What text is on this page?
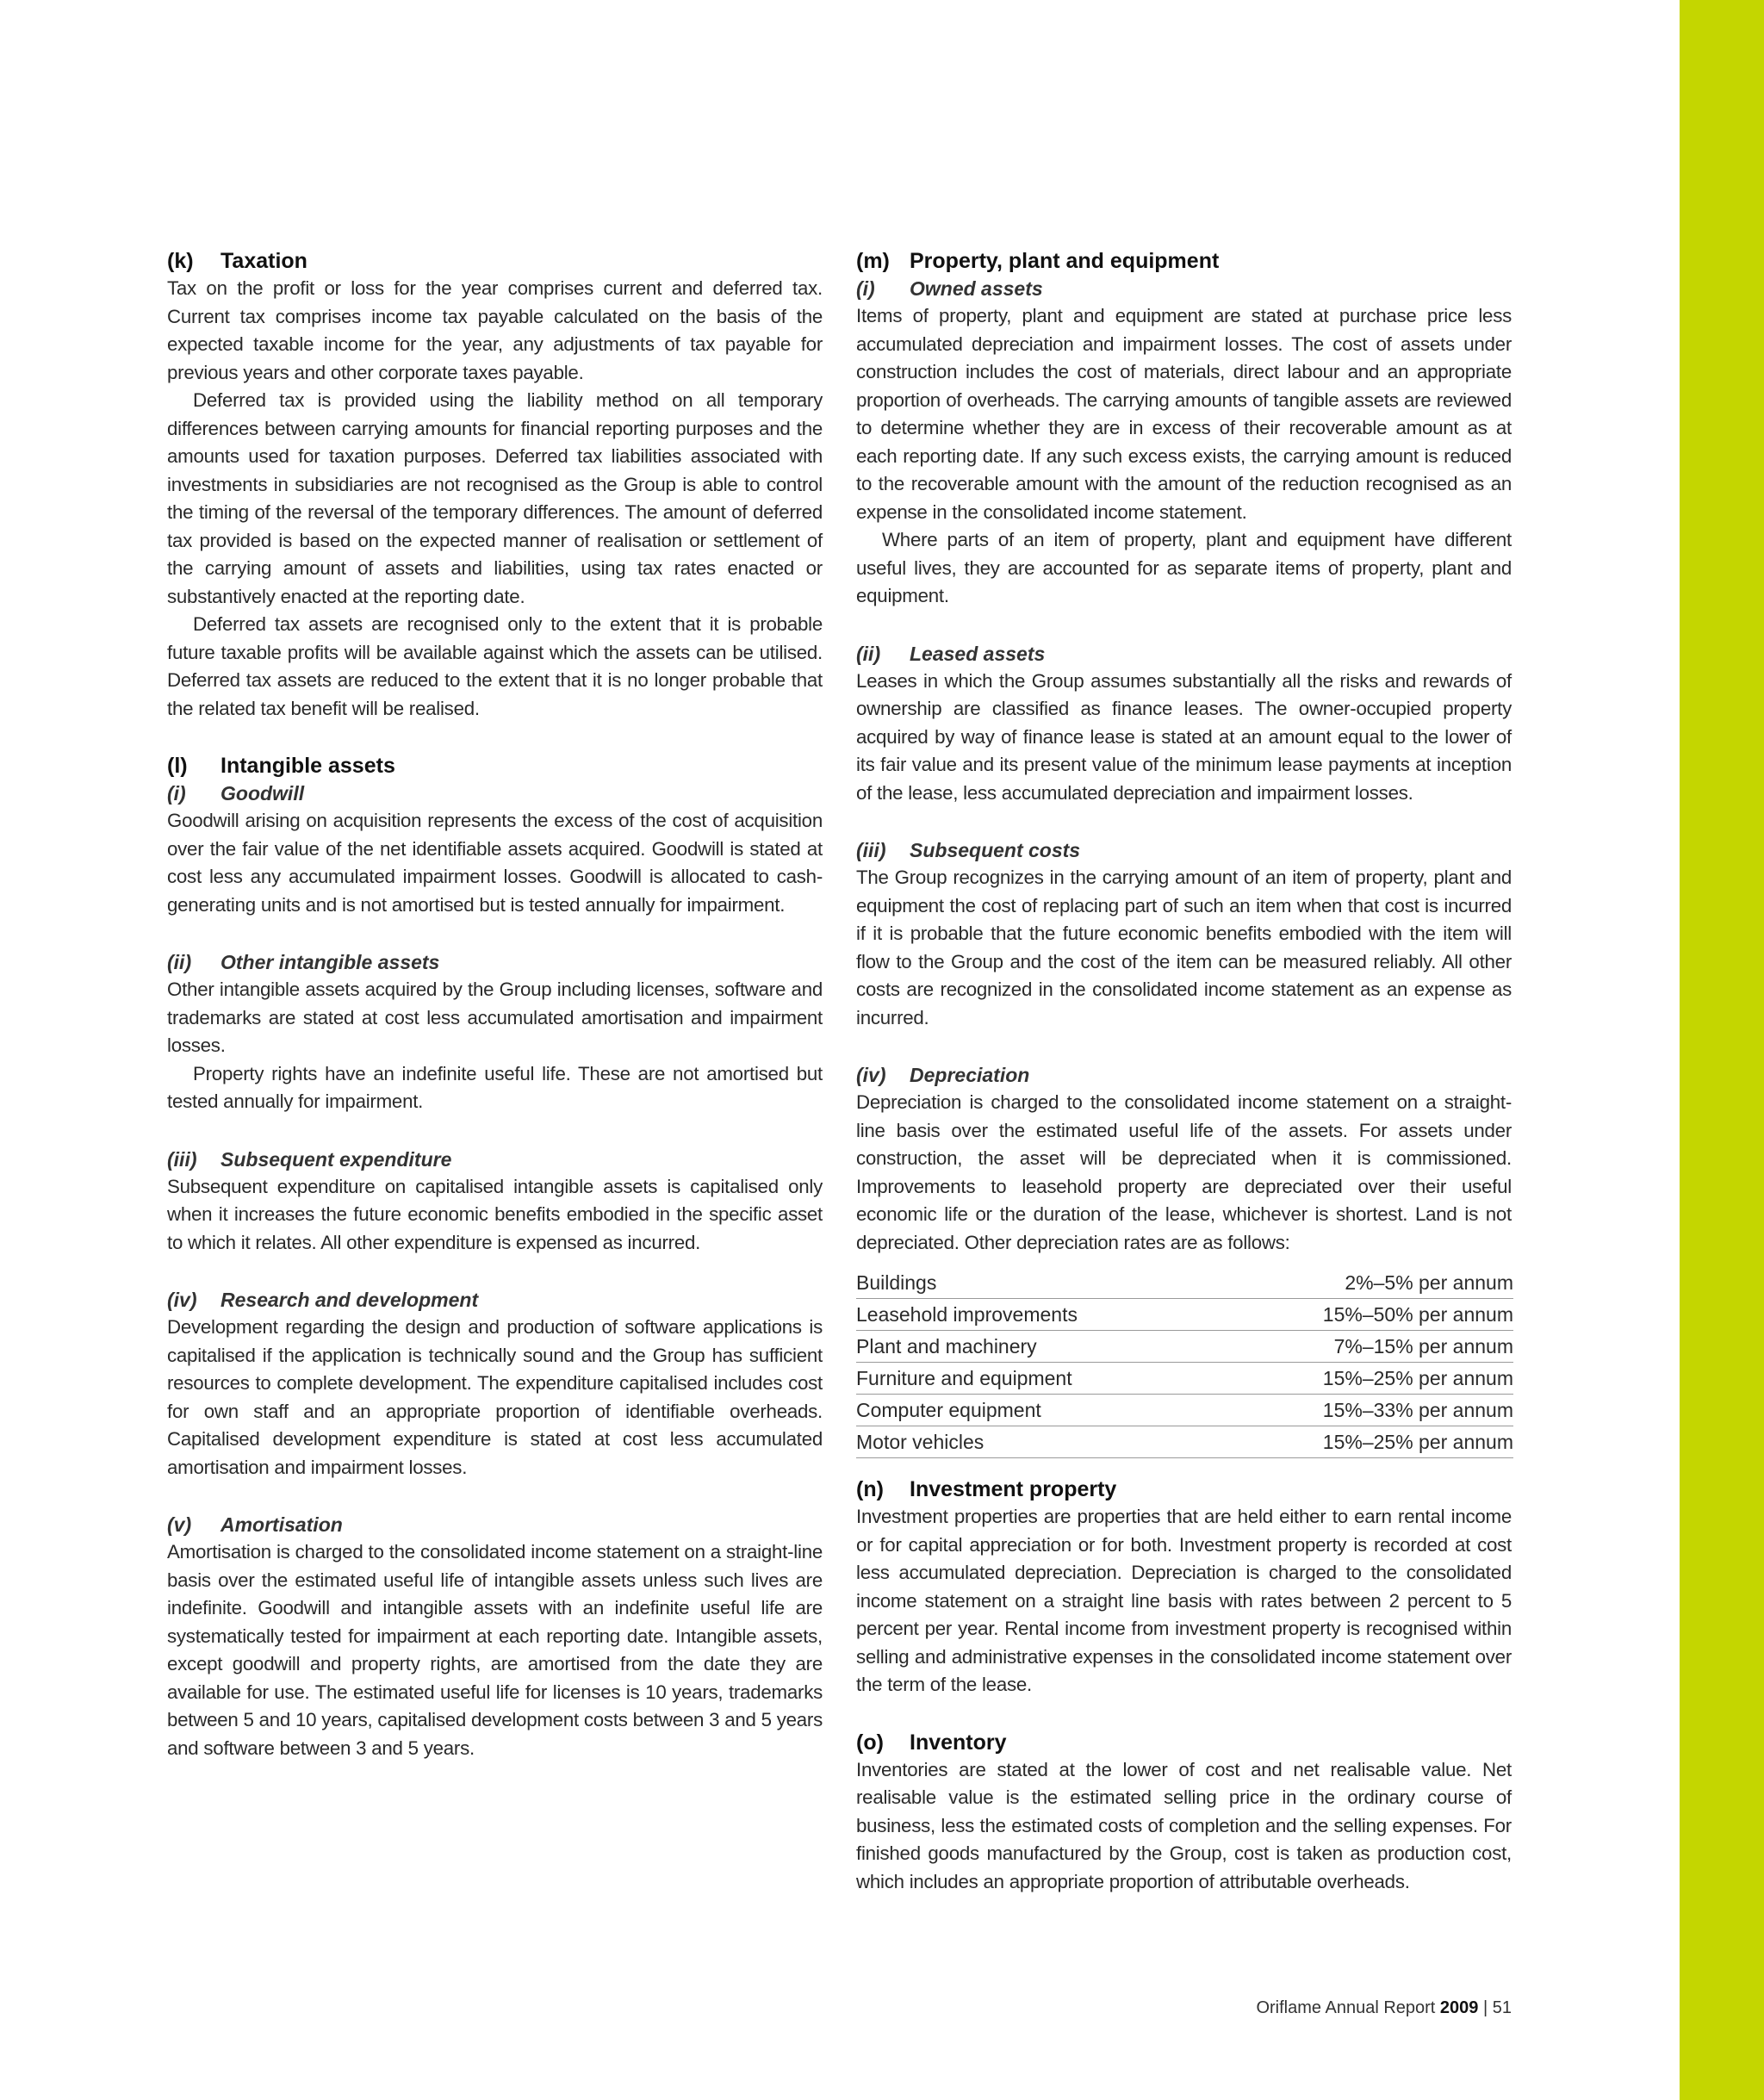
(k)	Taxation

Tax on the profit or loss for the year comprises current and deferred tax. Current tax comprises income tax payable calculated on the basis of the expected taxable income for the year, any adjustments of tax payable for previous years and other corporate taxes payable.

Deferred tax is provided using the liability method on all temporary differences between carrying amounts for financial reporting purposes and the amounts used for taxation purposes. Deferred tax liabilities associated with investments in subsidiaries are not recognised as the Group is able to control the timing of the reversal of the temporary differences. The amount of deferred tax provided is based on the expected manner of realisation or settlement of the carrying amount of assets and liabilities, using tax rates enacted or substantively enacted at the reporting date.

Deferred tax assets are recognised only to the extent that it is probable future taxable profits will be available against which the assets can be utilised. Deferred tax assets are reduced to the extent that it is no longer probable that the related tax benefit will be realised.

(l)	Intangible assets
(i)	Goodwill

Goodwill arising on acquisition represents the excess of the cost of acquisition over the fair value of the net identifiable assets acquired. Goodwill is stated at cost less any accumulated impairment losses. Goodwill is allocated to cash-generating units and is not amortised but is tested annually for impairment.

(ii)	Other intangible assets

Other intangible assets acquired by the Group including licenses, software and trademarks are stated at cost less accumulated amortisation and impairment losses.

Property rights have an indefinite useful life. These are not amortised but tested annually for impairment.

(iii)	Subsequent expenditure

Subsequent expenditure on capitalised intangible assets is capitalised only when it increases the future economic benefits embodied in the specific asset to which it relates. All other expenditure is expensed as incurred.

(iv)	Research and development

Development regarding the design and production of software applications is capitalised if the application is technically sound and the Group has sufficient resources to complete development. The expenditure capitalised includes cost for own staff and an appropriate proportion of identifiable overheads. Capitalised development expenditure is stated at cost less accumulated amortisation and impairment losses.

(v)	Amortisation

Amortisation is charged to the consolidated income statement on a straight-line basis over the estimated useful life of intangible assets unless such lives are indefinite. Goodwill and intangible assets with an indefinite useful life are systematically tested for impairment at each reporting date. Intangible assets, except goodwill and property rights, are amortised from the date they are available for use. The estimated useful life for licenses is 10 years, trademarks between 5 and 10 years, capitalised development costs between 3 and 5 years and software between 3 and 5 years.

(m) Property, plant and equipment
(i)	Owned assets

Items of property, plant and equipment are stated at purchase price less accumulated depreciation and impairment losses. The cost of assets under construction includes the cost of materials, direct labour and an appropriate proportion of overheads. The carrying amounts of tangible assets are reviewed to determine whether they are in excess of their recoverable amount as at each reporting date. If any such excess exists, the carrying amount is reduced to the recoverable amount with the amount of the reduction recognised as an expense in the consolidated income statement.

Where parts of an item of property, plant and equipment have different useful lives, they are accounted for as separate items of property, plant and equipment.

(ii)	Leased assets

Leases in which the Group assumes substantially all the risks and rewards of ownership are classified as finance leases. The owner-occupied property acquired by way of finance lease is stated at an amount equal to the lower of its fair value and its present value of the minimum lease payments at inception of the lease, less accumulated depreciation and impairment losses.

(iii)	Subsequent costs

The Group recognizes in the carrying amount of an item of property, plant and equipment the cost of replacing part of such an item when that cost is incurred if it is probable that the future economic benefits embodied with the item will flow to the Group and the cost of the item can be measured reliably. All other costs are recognized in the consolidated income statement as an expense as incurred.

(iv)	Depreciation

Depreciation is charged to the consolidated income statement on a straight-line basis over the estimated useful life of the assets. For assets under construction, the asset will be depreciated when it is commissioned. Improvements to leasehold property are depreciated over their useful economic life or the duration of the lease, whichever is shortest. Land is not depreciated. Other depreciation rates are as follows:

Buildings	2%–5% per annum
Leasehold improvements	15%–50% per annum
Plant and machinery	7%–15% per annum
Furniture and equipment	15%–25% per annum
Computer equipment	15%–33% per annum
Motor vehicles	15%–25% per annum
(n)	Investment property

Investment properties are properties that are held either to earn rental income or for capital appreciation or for both. Investment property is recorded at cost less accumulated depreciation. Depreciation is charged to the consolidated income statement on a straight line basis with rates between 2 percent to 5 percent per year. Rental income from investment property is recognised within selling and administrative expenses in the consolidated income statement over the term of the lease.

(o)	Inventory

Inventories are stated at the lower of cost and net realisable value. Net realisable value is the estimated selling price in the ordinary course of business, less the estimated costs of completion and the selling expenses. For finished goods manufactured by the Group, cost is taken as production cost, which includes an appropriate proportion of attributable overheads.

Oriflame Annual Report 2009 | 51
